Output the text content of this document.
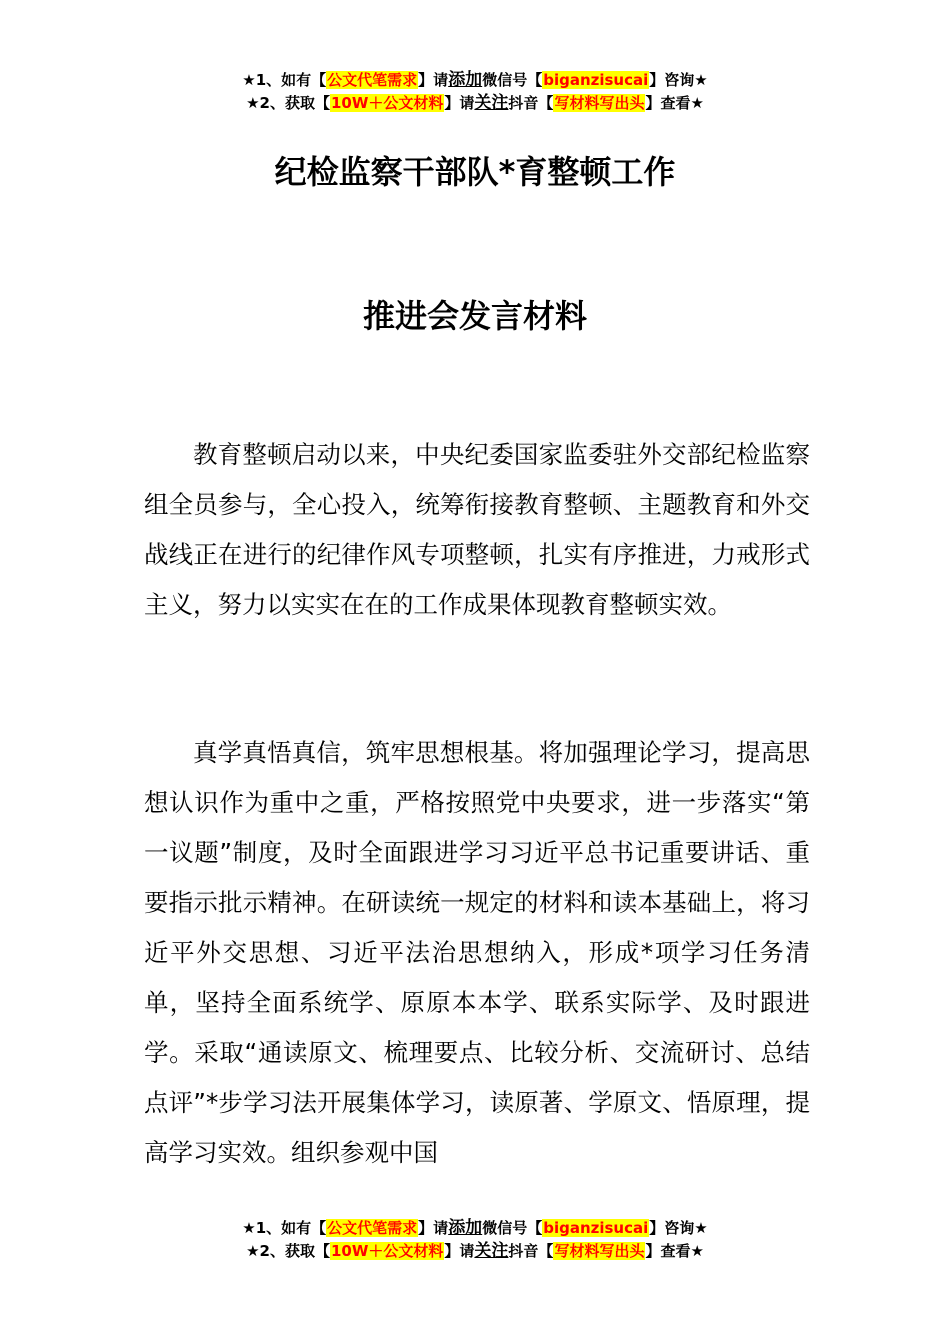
★1、如有【公文代笔需求】请添加微信号【biganzisucai】咨询★
★2、获取【10W＋公文材料】请关注抖音【写材料写出头】查看★
纪检监察干部队*育整顿工作
推进会发言材料

教育整顿启动以来，中央纪委国家监委驻外交部纪检监察组全员参与，全心投入，统筹衔接教育整顿、主题教育和外交战线正在进行的纪律作风专项整顿，扎实有序推进，力戒形式主义，努力以实实在在的工作成果体现教育整顿实效。

真学真悟真信，筑牢思想根基。将加强理论学习，提高思想认识作为重中之重，严格按照党中央要求，进一步落实“第一议题”制度，及时全面跟进学习习近平总书记重要讲话、重要指示批示精神。在研读统一规定的材料和读本基础上，将习近平外交思想、习近平法治思想纳入，形成*项学习任务清单，坚持全面系统学、原原本本学、联系实际学、及时跟进学。采取“通读原文、梳理要点、比较分析、交流研讨、总结点评”*步学习法开展集体学习，读原著、学原文、悟原理，提高学习实效。组织参观中国

★1、如有【公文代笔需求】请添加微信号【biganzisucai】咨询★
★2、获取【10W＋公文材料】请关注抖音【写材料写出头】查看★
